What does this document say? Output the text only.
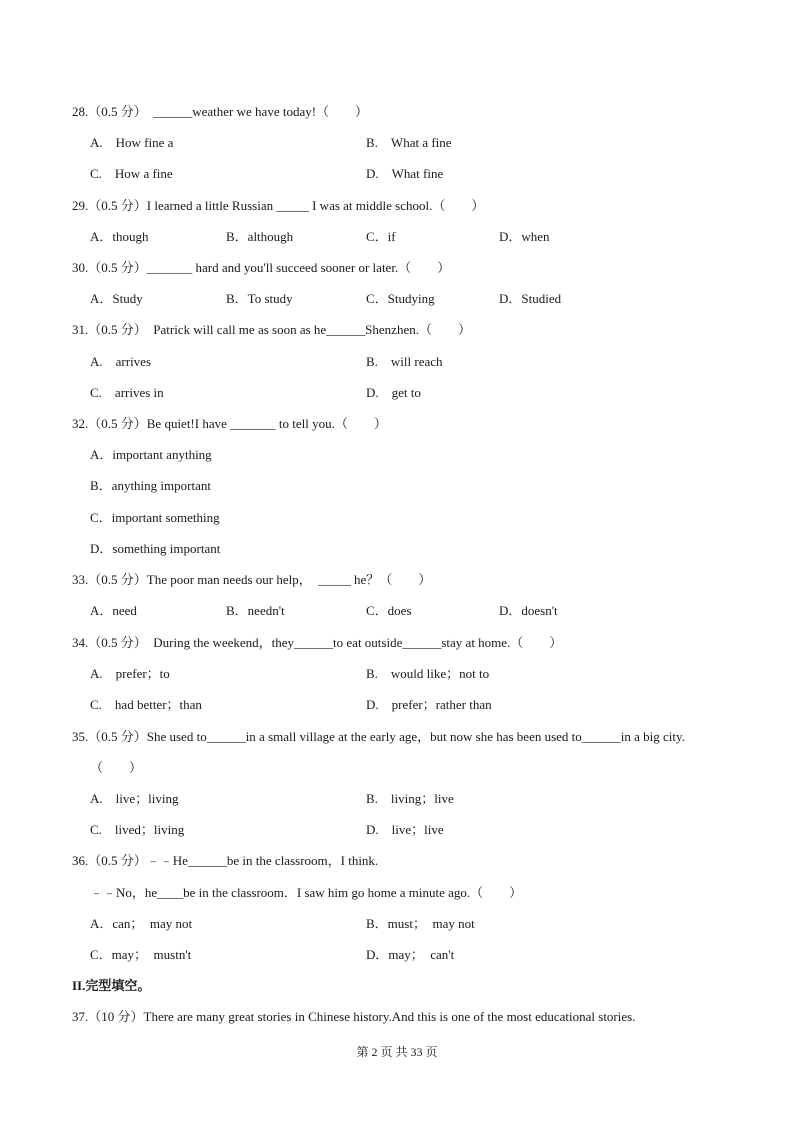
28.（0.5 分）  ______weather we have today!（　　）
A.　How fine a	B.　What a fine
C.　How a fine	D.　What fine
29.（0.5 分）I learned a little Russian _____ I was at middle school.（　　）
A．though	B．although	C．if	D．when
30.（0.5 分）_______ hard and you'll succeed sooner or later.（　　）
A．Study	B．To study	C．Studying	D．Studied
31.（0.5 分）  Patrick will call me as soon as he______Shenzhen.（　　）
A.　arrives	B.　will reach
C.　arrives in	D.　get to
32.（0.5 分）Be quiet!I have _______ to tell you.（　　）
A．important anything
B．anything important
C．important something
D．something important
33.（0.5 分）The poor man needs our help，  _____ he？（　　）
A．need	B．needn't	C．does	D．doesn't
34.（0.5 分）  During the weekend，they______to eat outside______stay at home.（　　）
A.　prefer；to	B.　would like；not to
C.　had better；than	D.　prefer；rather than
35.（0.5 分）She used to______in a small village at the early age，but now she has been used to______in a big city.
（　　）
A.　live；living	B.　living；live
C.　lived；living	D.　live；live
36.（0.5 分）﹣﹣He______be in the classroom，I think.
﹣﹣No，he____be in the classroom．I saw him go home a minute ago.（　　）
A．can；  may not	B．must；  may not
C．may；  mustn't	D．may；  can't
II.完型填空。
37.（10 分）There are many great stories in Chinese history.And this is one of the most educational stories.
第 2 页 共 33 页
